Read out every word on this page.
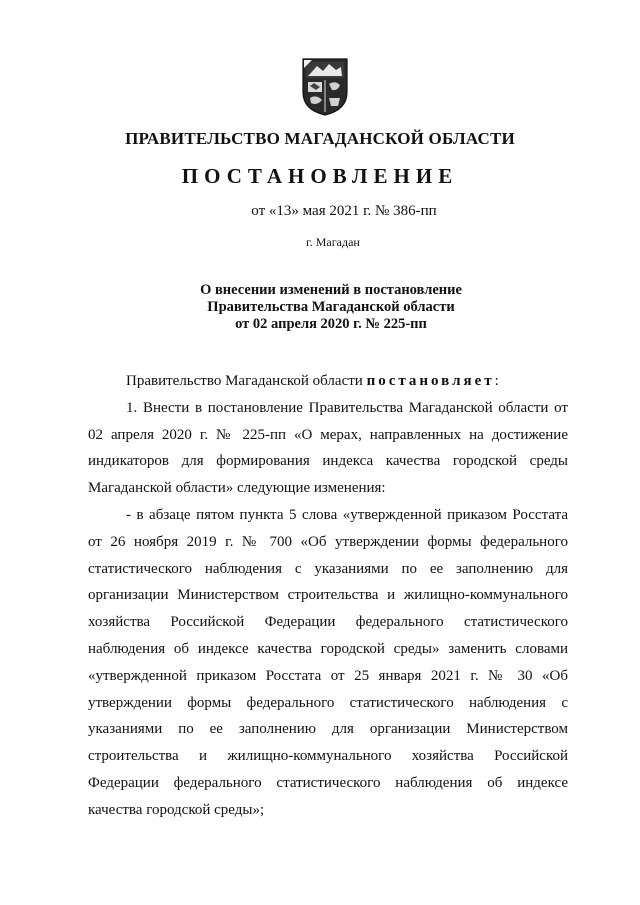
ПРАВИТЕЛЬСТВО МАГАДАНСКОЙ ОБЛАСТИ
ПОСТАНОВЛЕНИЕ
от «13» мая 2021 г. № 386-пп
г. Магадан
О внесении изменений в постановление
Правительства Магаданской области
от 02 апреля 2020 г. № 225-пп

Правительство Магаданской области постановляет:

1. Внести в постановление Правительства Магаданской области от 02 апреля 2020 г. № 225-пп «О мерах, направленных на достижение индикаторов для формирования индекса качества городской среды Магаданской области» следующие изменения:

- в абзаце пятом пункта 5 слова «утвержденной приказом Росстата от 26 ноября 2019 г. № 700 «Об утверждении формы федерального статистического наблюдения с указаниями по ее заполнению для организации Министерством строительства и жилищно-коммунального хозяйства Российской Федерации федерального статистического наблюдения об индексе качества городской среды» заменить словами «утвержденной приказом Росстата от 25 января 2021 г. № 30 «Об утверждении формы федерального статистического наблюдения с указаниями по ее заполнению для организации Министерством строительства и жилищно-коммунального хозяйства Российской Федерации федерального статистического наблюдения об индексе качества городской среды»;
